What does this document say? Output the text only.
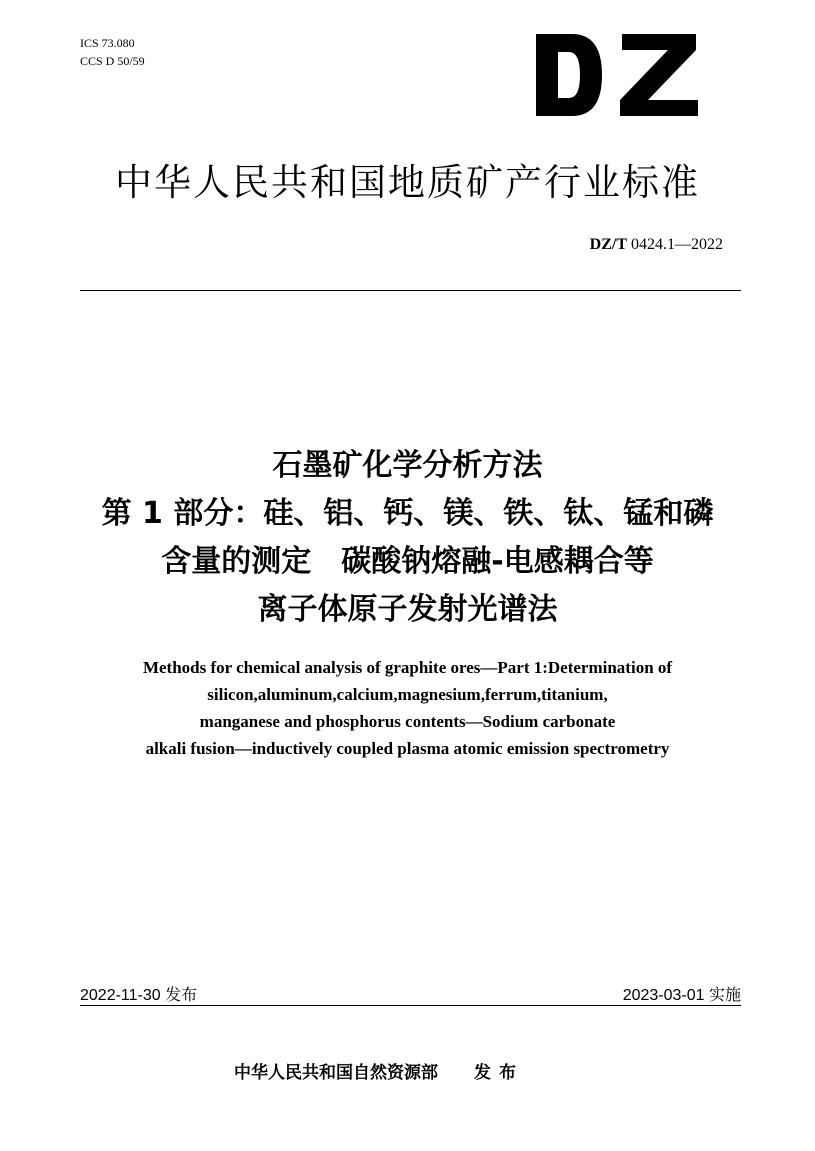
ICS 73.080
CCS D 50/59
中华人民共和国地质矿产行业标准
DZ/T 0424.1—2022
石墨矿化学分析方法
第 1 部分：硅、铝、钙、镁、铁、钛、锰和磷
含量的测定　碳酸钠熔融-电感耦合等
离子体原子发射光谱法
Methods for chemical analysis of graphite ores—Part 1:Determination of
silicon,aluminum,calcium,magnesium,ferrum,titanium,
manganese and phosphorus contents—Sodium carbonate
alkali fusion—inductively coupled plasma atomic emission spectrometry
2022-11-30 发布	2023-03-01 实施
中华人民共和国自然资源部 发布
